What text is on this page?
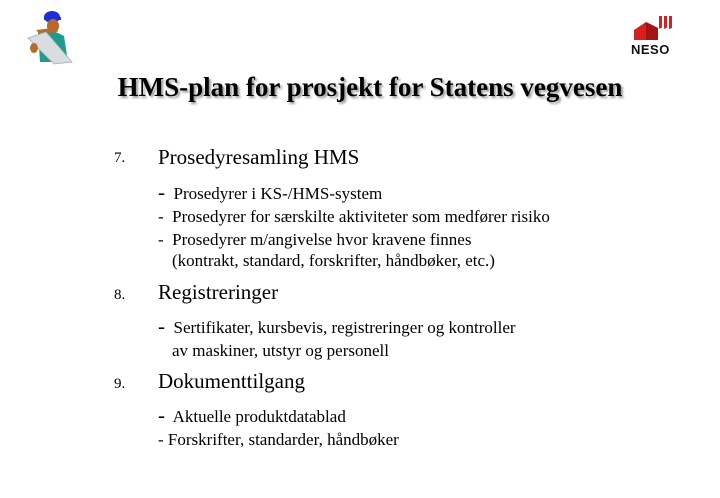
NESO
HMS-plan for prosjekt for Statens vegvesen
7. Prosedyresamling HMS
- Prosedyrer i KS-/HMS-system
- Prosedyrer for særskilte aktiviteter som medfører risiko
- Prosedyrer m/angivelse hvor kravene finnes
(kontrakt, standard, forskrifter, håndbøker, etc.)
8. Registreringer
- Sertifikater, kursbevis, registreringer og kontroller
av maskiner, utstyr og personell
9. Dokumenttilgang
- Aktuelle produktdatablad
- Forskrifter, standarder, håndbøker
